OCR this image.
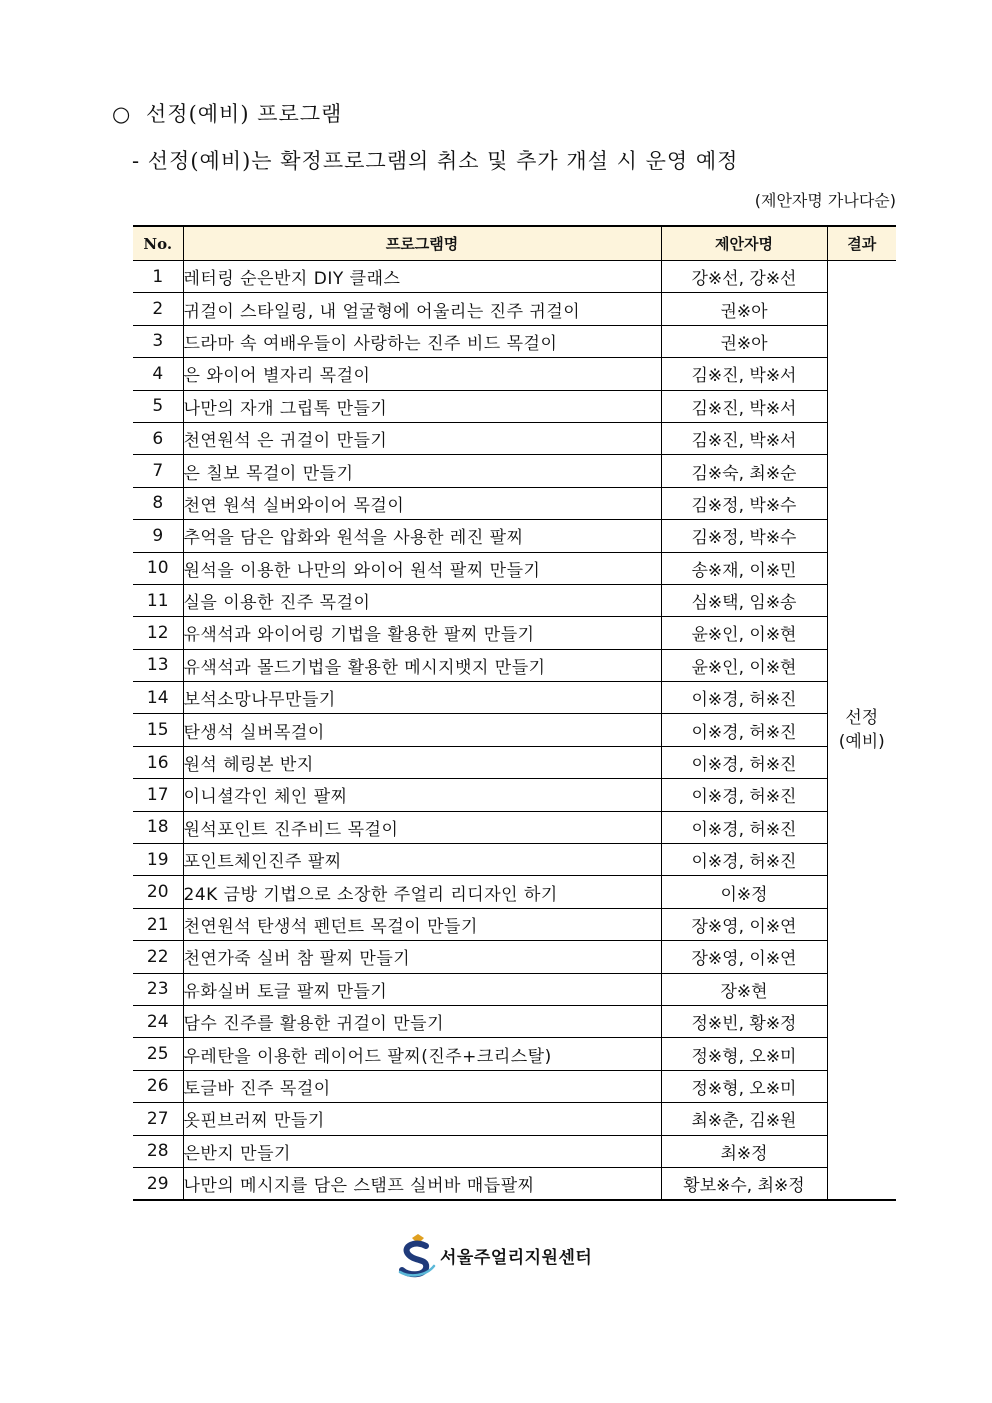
○ 선정(예비) 프로그램
- 선정(예비)는 확정프로그램의 취소 및 추가 개설 시 운영 예정
(제안자명 가나다순)
No.	프로그램명	제안자명	결과
1	레터링 순은반지 DIY 클래스	강※선, 강※선	선정
(예비)

2	귀걸이 스타일링, 내 얼굴형에 어울리는 진주 귀걸이	권※아	
3	드라마 속 여배우들이 사랑하는 진주 비드 목걸이	권※아	
4	은 와이어 별자리 목걸이	김※진, 박※서	
5	나만의 자개 그립톡 만들기	김※진, 박※서	
6	천연원석 은 귀걸이 만들기	김※진, 박※서	
7	은 칠보 목걸이 만들기	김※숙, 최※순	
8	천연 원석 실버와이어 목걸이	김※정, 박※수	
9	추억을 담은 압화와 원석을 사용한 레진 팔찌	김※정, 박※수	
10	원석을 이용한 나만의 와이어 원석 팔찌 만들기	송※재, 이※민	
11	실을 이용한 진주 목걸이	심※택, 임※송	
12	유색석과 와이어링 기법을 활용한 팔찌 만들기	윤※인, 이※현	
13	유색석과 몰드기법을 활용한 메시지뱃지 만들기	윤※인, 이※현	
14	보석소망나무만들기	이※경, 허※진	
15	탄생석 실버목걸이	이※경, 허※진	
16	원석 헤링본 반지	이※경, 허※진	
17	이니셜각인 체인 팔찌	이※경, 허※진	
18	원석포인트 진주비드 목걸이	이※경, 허※진	
19	포인트체인진주 팔찌	이※경, 허※진	
20	24K 금방 기법으로 소장한 주얼리 리디자인 하기	이※정	
21	천연원석 탄생석 펜던트 목걸이 만들기	장※영, 이※연	
22	천연가죽 실버 참 팔찌 만들기	장※영, 이※연	
23	유화실버 토글 팔찌 만들기	장※현	
24	담수 진주를 활용한 귀걸이 만들기	정※빈, 황※정	
25	우레탄을 이용한 레이어드 팔찌(진주+크리스탈)	정※형, 오※미	
26	토글바 진주 목걸이	정※형, 오※미	
27	옷핀브러찌 만들기	최※춘, 김※원	
28	은반지 만들기	최※정	
29	나만의 메시지를 담은 스탬프 실버바 매듭팔찌	황보※수, 최※정	
서울주얼리지원센터
